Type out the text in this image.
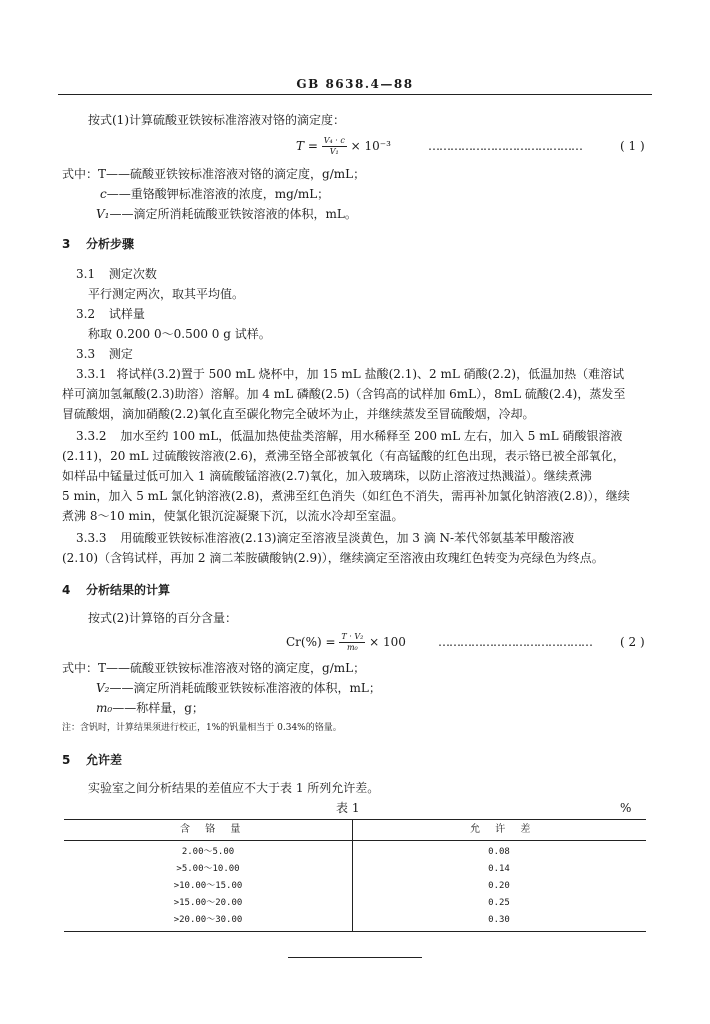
GB 8638.4—88
按式(1)计算硫酸亚铁铵标准溶液对铬的滴定度：
$T = \frac{\text{V₄ · c}}{\text{V₁}} \times 10^{-3}$	……………………………………	( 1 )
式中：T——硫酸亚铁铵标准溶液对铬的滴定度，g/mL；
c——重铬酸钾标准溶液的浓度，mg/mL；
V₁——滴定所消耗硫酸亚铁铵溶液的体积，mL。
3 分析步骤
3.1 测定次数
平行测定两次，取其平均值。
3.2 试样量
称取 0.200 0～0.500 0 g 试样。
3.3 测定
3.3.1 将试样(3.2)置于 500 mL 烧杯中，加 15 mL 盐酸(2.1)、2 mL 硝酸(2.2)，低温加热（难溶试
样可滴加氢氟酸(2.3)助溶）溶解。加 4 mL 磷酸(2.5)（含钨高的试样加 6mL），8mL 硫酸(2.4)，蒸发至
冒硫酸烟，滴加硝酸(2.2)氧化直至碳化物完全破坏为止，并继续蒸发至冒硫酸烟，冷却。
3.3.2 加水至约 100 mL，低温加热使盐类溶解，用水稀释至 200 mL 左右，加入 5 mL 硝酸银溶液
(2.11)，20 mL 过硫酸铵溶液(2.6)，煮沸至铬全部被氧化（有高锰酸的红色出现，表示铬已被全部氧化，
如样品中锰量过低可加入 1 滴硫酸锰溶液(2.7)氧化，加入玻璃珠，以防止溶液过热溅溢）。继续煮沸
5 min，加入 5 mL 氯化钠溶液(2.8)，煮沸至红色消失（如红色不消失，需再补加氯化钠溶液(2.8)），继续
煮沸 8～10 min，使氯化银沉淀凝聚下沉，以流水冷却至室温。
3.3.3 用硫酸亚铁铵标准溶液(2.13)滴定至溶液呈淡黄色，加 3 滴 N-苯代邻氨基苯甲酸溶液
(2.10)（含钨试样，再加 2 滴二苯胺磺酸钠(2.9)），继续滴定至溶液由玫瑰红色转变为亮绿色为终点。
4 分析结果的计算
按式(2)计算铬的百分含量：
$Cr(\%) = \frac{\text{T · V₂}}{\text{m₀}} \times 100$	…………………………………… ( 2 )
式中：T——硫酸亚铁铵标准溶液对铬的滴定度，g/mL；
V₂——滴定所消耗硫酸亚铁铵标准溶液的体积，mL；
m₀——称样量，g；
注：含钒时，计算结果须进行校正，1%的钒量相当于 0.34%的铬量。
5 允许差
实验室之间分析结果的差值应不大于表 1 所列允许差。
表 1	%
含 铬 量	允 许 差
2.00～5.00	0.08
>5.00～10.00	0.14
>10.00～15.00	0.20
>15.00～20.00	0.25
>20.00～30.00	0.30
